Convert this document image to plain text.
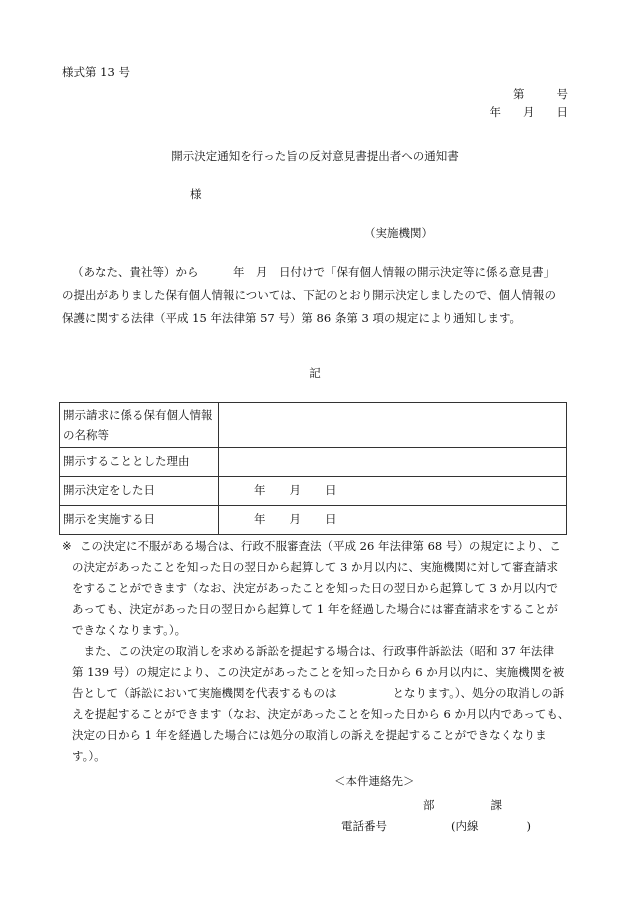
様式第 13 号
第	号
年 月 日
開示決定通知を行った旨の反対意見書提出者への通知書
様
（実施機関）
（あなた、貴社等）から　　　年　月　日付けで「保有個人情報の開示決定等に係る意見書」
の提出がありました保有個人情報については、下記のとおり開示決定しましたので、個人情報の
保護に関する法律（平成 15 年法律第 57 号）第 86 条第 3 項の規定により通知します。
記
開示請求に係る保有個人情報
の名称等	
開示することとした理由	
開示決定をした日	年 月 日

開示を実施する日	年 月 日
※ この決定に不服がある場合は、行政不服審査法（平成 26 年法律第 68 号）の規定により、こ
の決定があったことを知った日の翌日から起算して 3 か月以内に、実施機関に対して審査請求
をすることができます（なお、決定があったことを知った日の翌日から起算して 3 か月以内で
あっても、決定があった日の翌日から起算して 1 年を経過した場合には審査請求をすることが
できなくなります。）。
　また、この決定の取消しを求める訴訟を提起する場合は、行政事件訴訟法（昭和 37 年法律
第 139 号）の規定により、この決定があったことを知った日から 6 か月以内に、実施機関を被
告として（訴訟において実施機関を代表するものは	となります。）、処分の取消しの訴
えを提起することができます（なお、決定があったことを知った日から 6 か月以内であっても、
決定の日から 1 年を経過した場合には処分の取消しの訴えを提起することができなくなりま
す。）。
＜本件連絡先＞
部	課
電話番号	(内線	)
